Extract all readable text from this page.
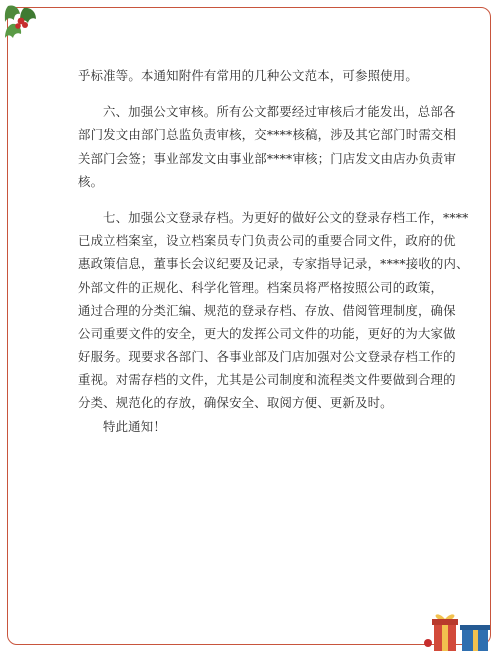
乎标准等。本通知附件有常用的几种公文范本，可参照使用。
六、加强公文审核。所有公文都要经过审核后才能发出，总部各
部门发文由部门总监负责审核，交****核稿，涉及其它部门时需交相
关部门会签；事业部发文由事业部****审核；门店发文由店办负责审
核。
七、加强公文登录存档。为更好的做好公文的登录存档工作，****
已成立档案室，设立档案员专门负责公司的重要合同文件，政府的优
惠政策信息，董事长会议纪要及记录，专家指导记录，****接收的内、
外部文件的正规化、科学化管理。档案员将严格按照公司的政策，
通过合理的分类汇编、规范的登录存档、存放、借阅管理制度，确保
公司重要文件的安全，更大的发挥公司文件的功能，更好的为大家做
好服务。现要求各部门、各事业部及门店加强对公文登录存档工作的
重视。对需存档的文件，尤其是公司制度和流程类文件要做到合理的
分类、规范化的存放，确保安全、取阅方便、更新及时。
特此通知！
